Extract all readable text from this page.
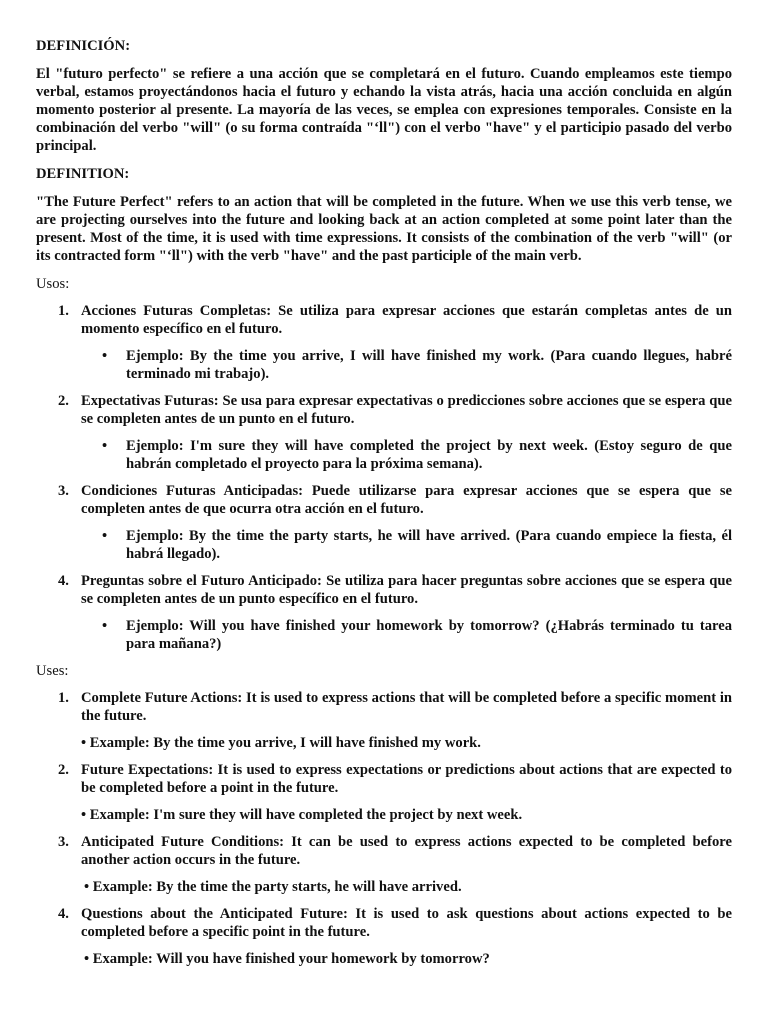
DEFINICIÓN:
El "futuro perfecto" se refiere a una acción que se completará en el futuro. Cuando empleamos este tiempo verbal, estamos proyectándonos hacia el futuro y echando la vista atrás, hacia una acción concluida en algún momento posterior al presente. La mayoría de las veces, se emplea con expresiones temporales. Consiste en la combinación del verbo "will" (o su forma contraída "‘ll") con el verbo "have" y el participio pasado del verbo principal.
DEFINITION:
"The Future Perfect" refers to an action that will be completed in the future. When we use this verb tense, we are projecting ourselves into the future and looking back at an action completed at some point later than the present. Most of the time, it is used with time expressions. It consists of the combination of the verb "will" (or its contracted form "‘ll") with the verb "have" and the past participle of the main verb.
Usos:
1. Acciones Futuras Completas: Se utiliza para expresar acciones que estarán completas antes de un momento específico en el futuro.
• Ejemplo: By the time you arrive, I will have finished my work. (Para cuando llegues, habré terminado mi trabajo).
2. Expectativas Futuras: Se usa para expresar expectativas o predicciones sobre acciones que se espera que se completen antes de un punto en el futuro.
• Ejemplo: I'm sure they will have completed the project by next week. (Estoy seguro de que habrán completado el proyecto para la próxima semana).
3. Condiciones Futuras Anticipadas: Puede utilizarse para expresar acciones que se espera que se completen antes de que ocurra otra acción en el futuro.
• Ejemplo: By the time the party starts, he will have arrived. (Para cuando empiece la fiesta, él habrá llegado).
4. Preguntas sobre el Futuro Anticipado: Se utiliza para hacer preguntas sobre acciones que se espera que se completen antes de un punto específico en el futuro.
• Ejemplo: Will you have finished your homework by tomorrow? (¿Habrás terminado tu tarea para mañana?)
Uses:
1. Complete Future Actions: It is used to express actions that will be completed before a specific moment in the future.
• Example: By the time you arrive, I will have finished my work.
2. Future Expectations: It is used to express expectations or predictions about actions that are expected to be completed before a point in the future.
• Example: I'm sure they will have completed the project by next week.
3. Anticipated Future Conditions: It can be used to express actions expected to be completed before another action occurs in the future.
• Example: By the time the party starts, he will have arrived.
4. Questions about the Anticipated Future: It is used to ask questions about actions expected to be completed before a specific point in the future.
• Example: Will you have finished your homework by tomorrow?
